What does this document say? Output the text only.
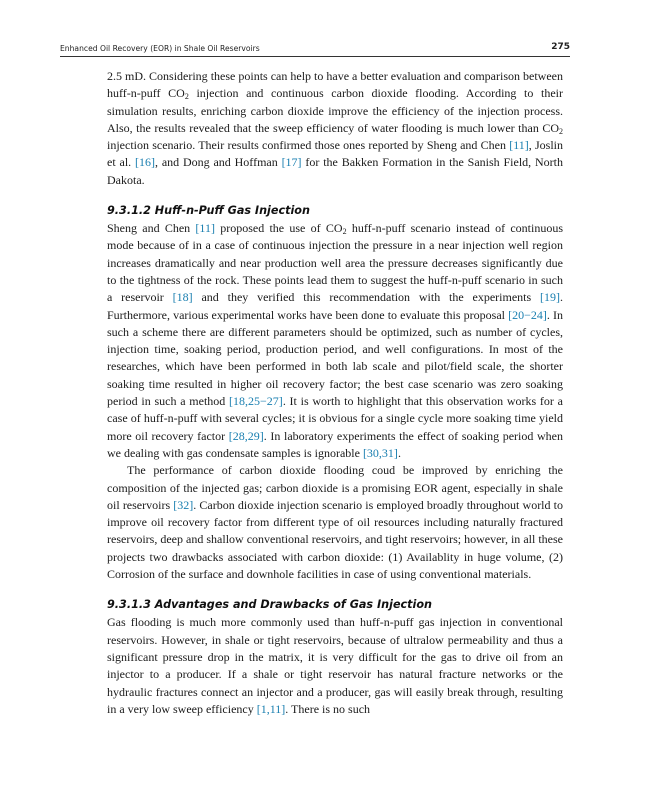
Enhanced Oil Recovery (EOR) in Shale Oil Reservoirs	275

2.5 mD. Considering these points can help to have a better evaluation and comparison between huff-n-puff $CO_2$ injection and continuous carbon dioxide flooding. According to their simulation results, enriching carbon dioxide improve the efficiency of the injection process. Also, the results revealed that the sweep efficiency of water flooding is much lower than $CO_2$ injection scenario. Their results confirmed those ones reported by Sheng and Chen [11], Joslin et al. [16], and Dong and Hoffman [17] for the Bakken Formation in the Sanish Field, North Dakota.

9.3.1.2 Huff-n-Puff Gas Injection

Sheng and Chen [11] proposed the use of $CO_2$ huff-n-puff scenario instead of continuous mode because of in a case of continuous injection the pressure in a near injection well region increases dramatically and near production well area the pressure decreases significantly due to the tightness of the rock. These points lead them to suggest the huff-n-puff scenario in such a reservoir [18] and they verified this recommendation with the experiments [19]. Furthermore, various experimental works have been done to evaluate this proposal [20−24]. In such a scheme there are different parameters should be optimized, such as number of cycles, injection time, soaking period, production period, and well configurations. In most of the researches, which have been performed in both lab scale and pilot/field scale, the shorter soaking time resulted in higher oil recovery factor; the best case scenario was zero soaking period in such a method [18,25−27]. It is worth to highlight that this observation works for a case of huff-n-puff with several cycles; it is obvious for a single cycle more soaking time yield more oil recovery factor [28,29]. In laboratory experiments the effect of soaking period when we dealing with gas condensate samples is ignorable [30,31].

The performance of carbon dioxide flooding coud be improved by enriching the composition of the injected gas; carbon dioxide is a promising EOR agent, especially in shale oil reservoirs [32]. Carbon dioxide injection scenario is employed broadly throughout world to improve oil recovery factor from different type of oil resources including naturally fractured reservoirs, deep and shallow conventional reservoirs, and tight reservoirs; however, in all these projects two drawbacks associated with carbon dioxide: (1) Availablity in huge volume, (2) Corrosion of the surface and downhole facilities in case of using conventional materials.

9.3.1.3 Advantages and Drawbacks of Gas Injection

Gas flooding is much more commonly used than huff-n-puff gas injection in conventional reservoirs. However, in shale or tight reservoirs, because of ultralow permeability and thus a significant pressure drop in the matrix, it is very difficult for the gas to drive oil from an injector to a producer. If a shale or tight reservoir has natural fracture networks or the hydraulic fractures connect an injector and a producer, gas will easily break through, resulting in a very low sweep efficiency [1,11]. There is no such
